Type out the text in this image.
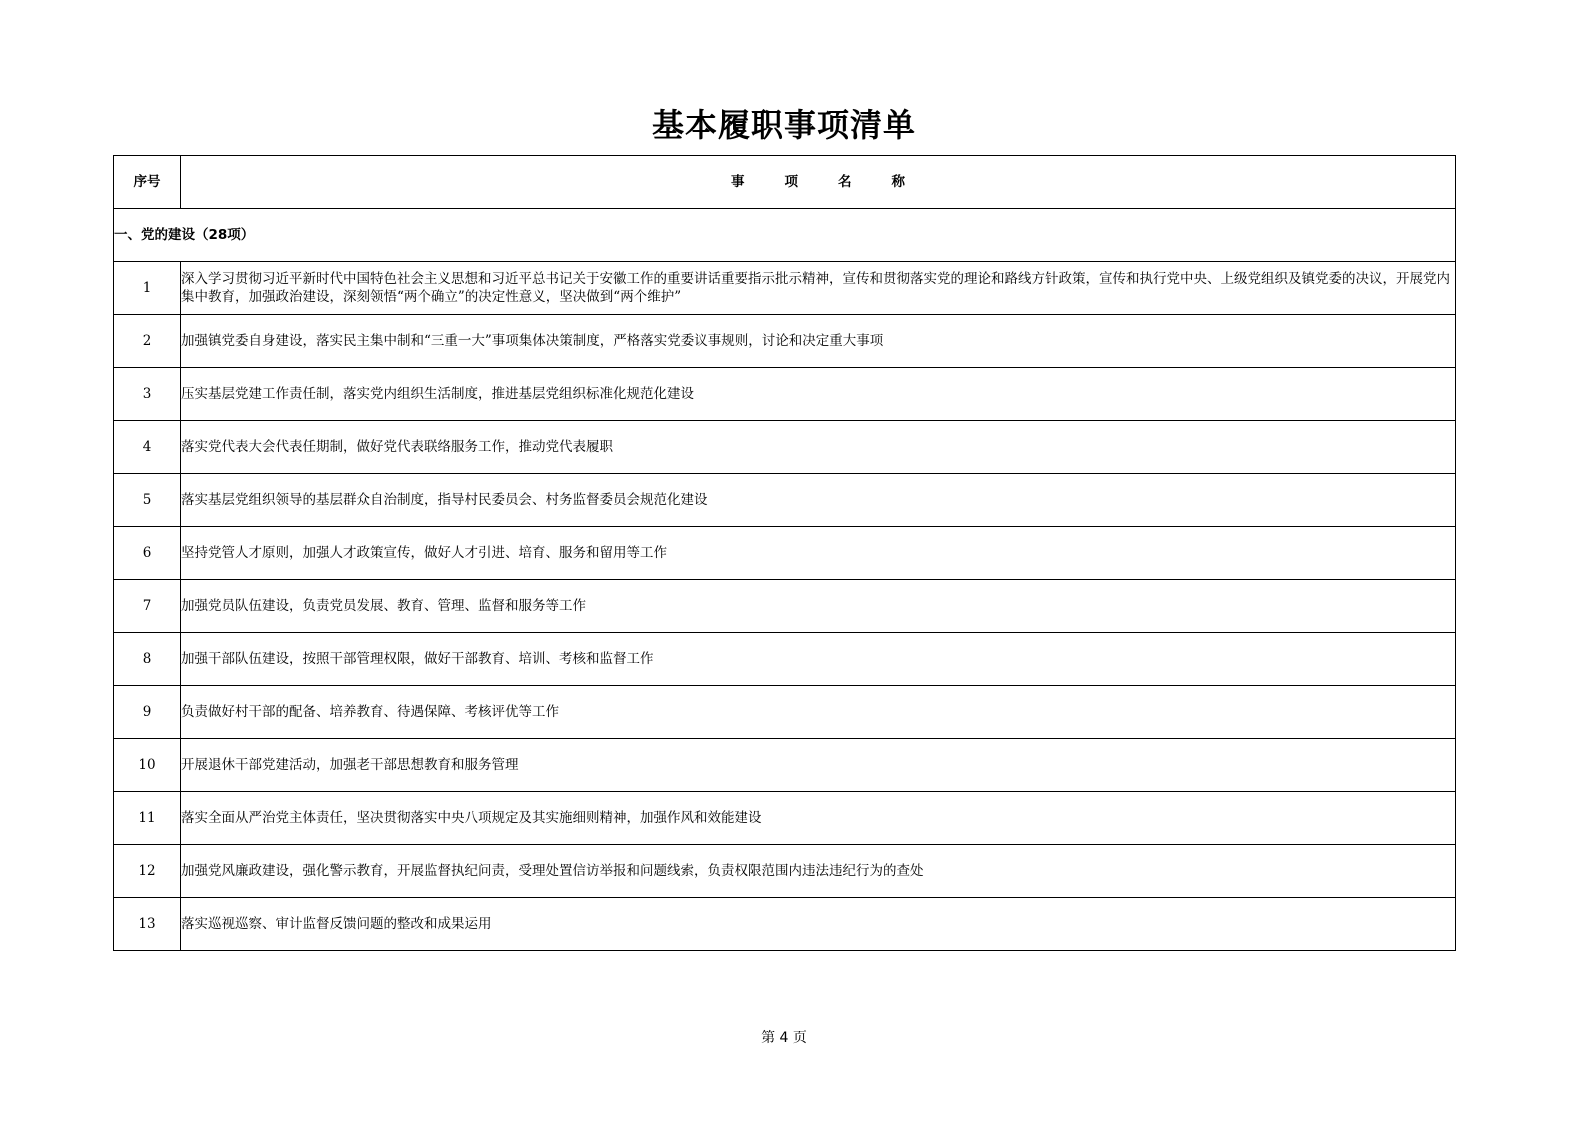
基本履职事项清单
序号	事 项 名 称
一、党的建设（28项）	
1	深入学习贯彻习近平新时代中国特色社会主义思想和习近平总书记关于安徽工作的重要讲话重要指示批示精神，宣传和贯彻落实党的理论和路线方针政策，宣传和执行党中央、上级党组织及镇党委的决议，开展党内集中教育，加强政治建设，深刻领悟“两个确立”的决定性意义，坚决做到“两个维护”
2	加强镇党委自身建设，落实民主集中制和“三重一大”事项集体决策制度，严格落实党委议事规则，讨论和决定重大事项
3	压实基层党建工作责任制，落实党内组织生活制度，推进基层党组织标准化规范化建设
4	落实党代表大会代表任期制，做好党代表联络服务工作，推动党代表履职
5	落实基层党组织领导的基层群众自治制度，指导村民委员会、村务监督委员会规范化建设
6	坚持党管人才原则，加强人才政策宣传，做好人才引进、培育、服务和留用等工作
7	加强党员队伍建设，负责党员发展、教育、管理、监督和服务等工作
8	加强干部队伍建设，按照干部管理权限，做好干部教育、培训、考核和监督工作
9	负责做好村干部的配备、培养教育、待遇保障、考核评优等工作
10	开展退休干部党建活动，加强老干部思想教育和服务管理
11	落实全面从严治党主体责任，坚决贯彻落实中央八项规定及其实施细则精神，加强作风和效能建设
12	加强党风廉政建设，强化警示教育，开展监督执纪问责，受理处置信访举报和问题线索，负责权限范围内违法违纪行为的查处
13	落实巡视巡察、审计监督反馈问题的整改和成果运用
第 4 页
